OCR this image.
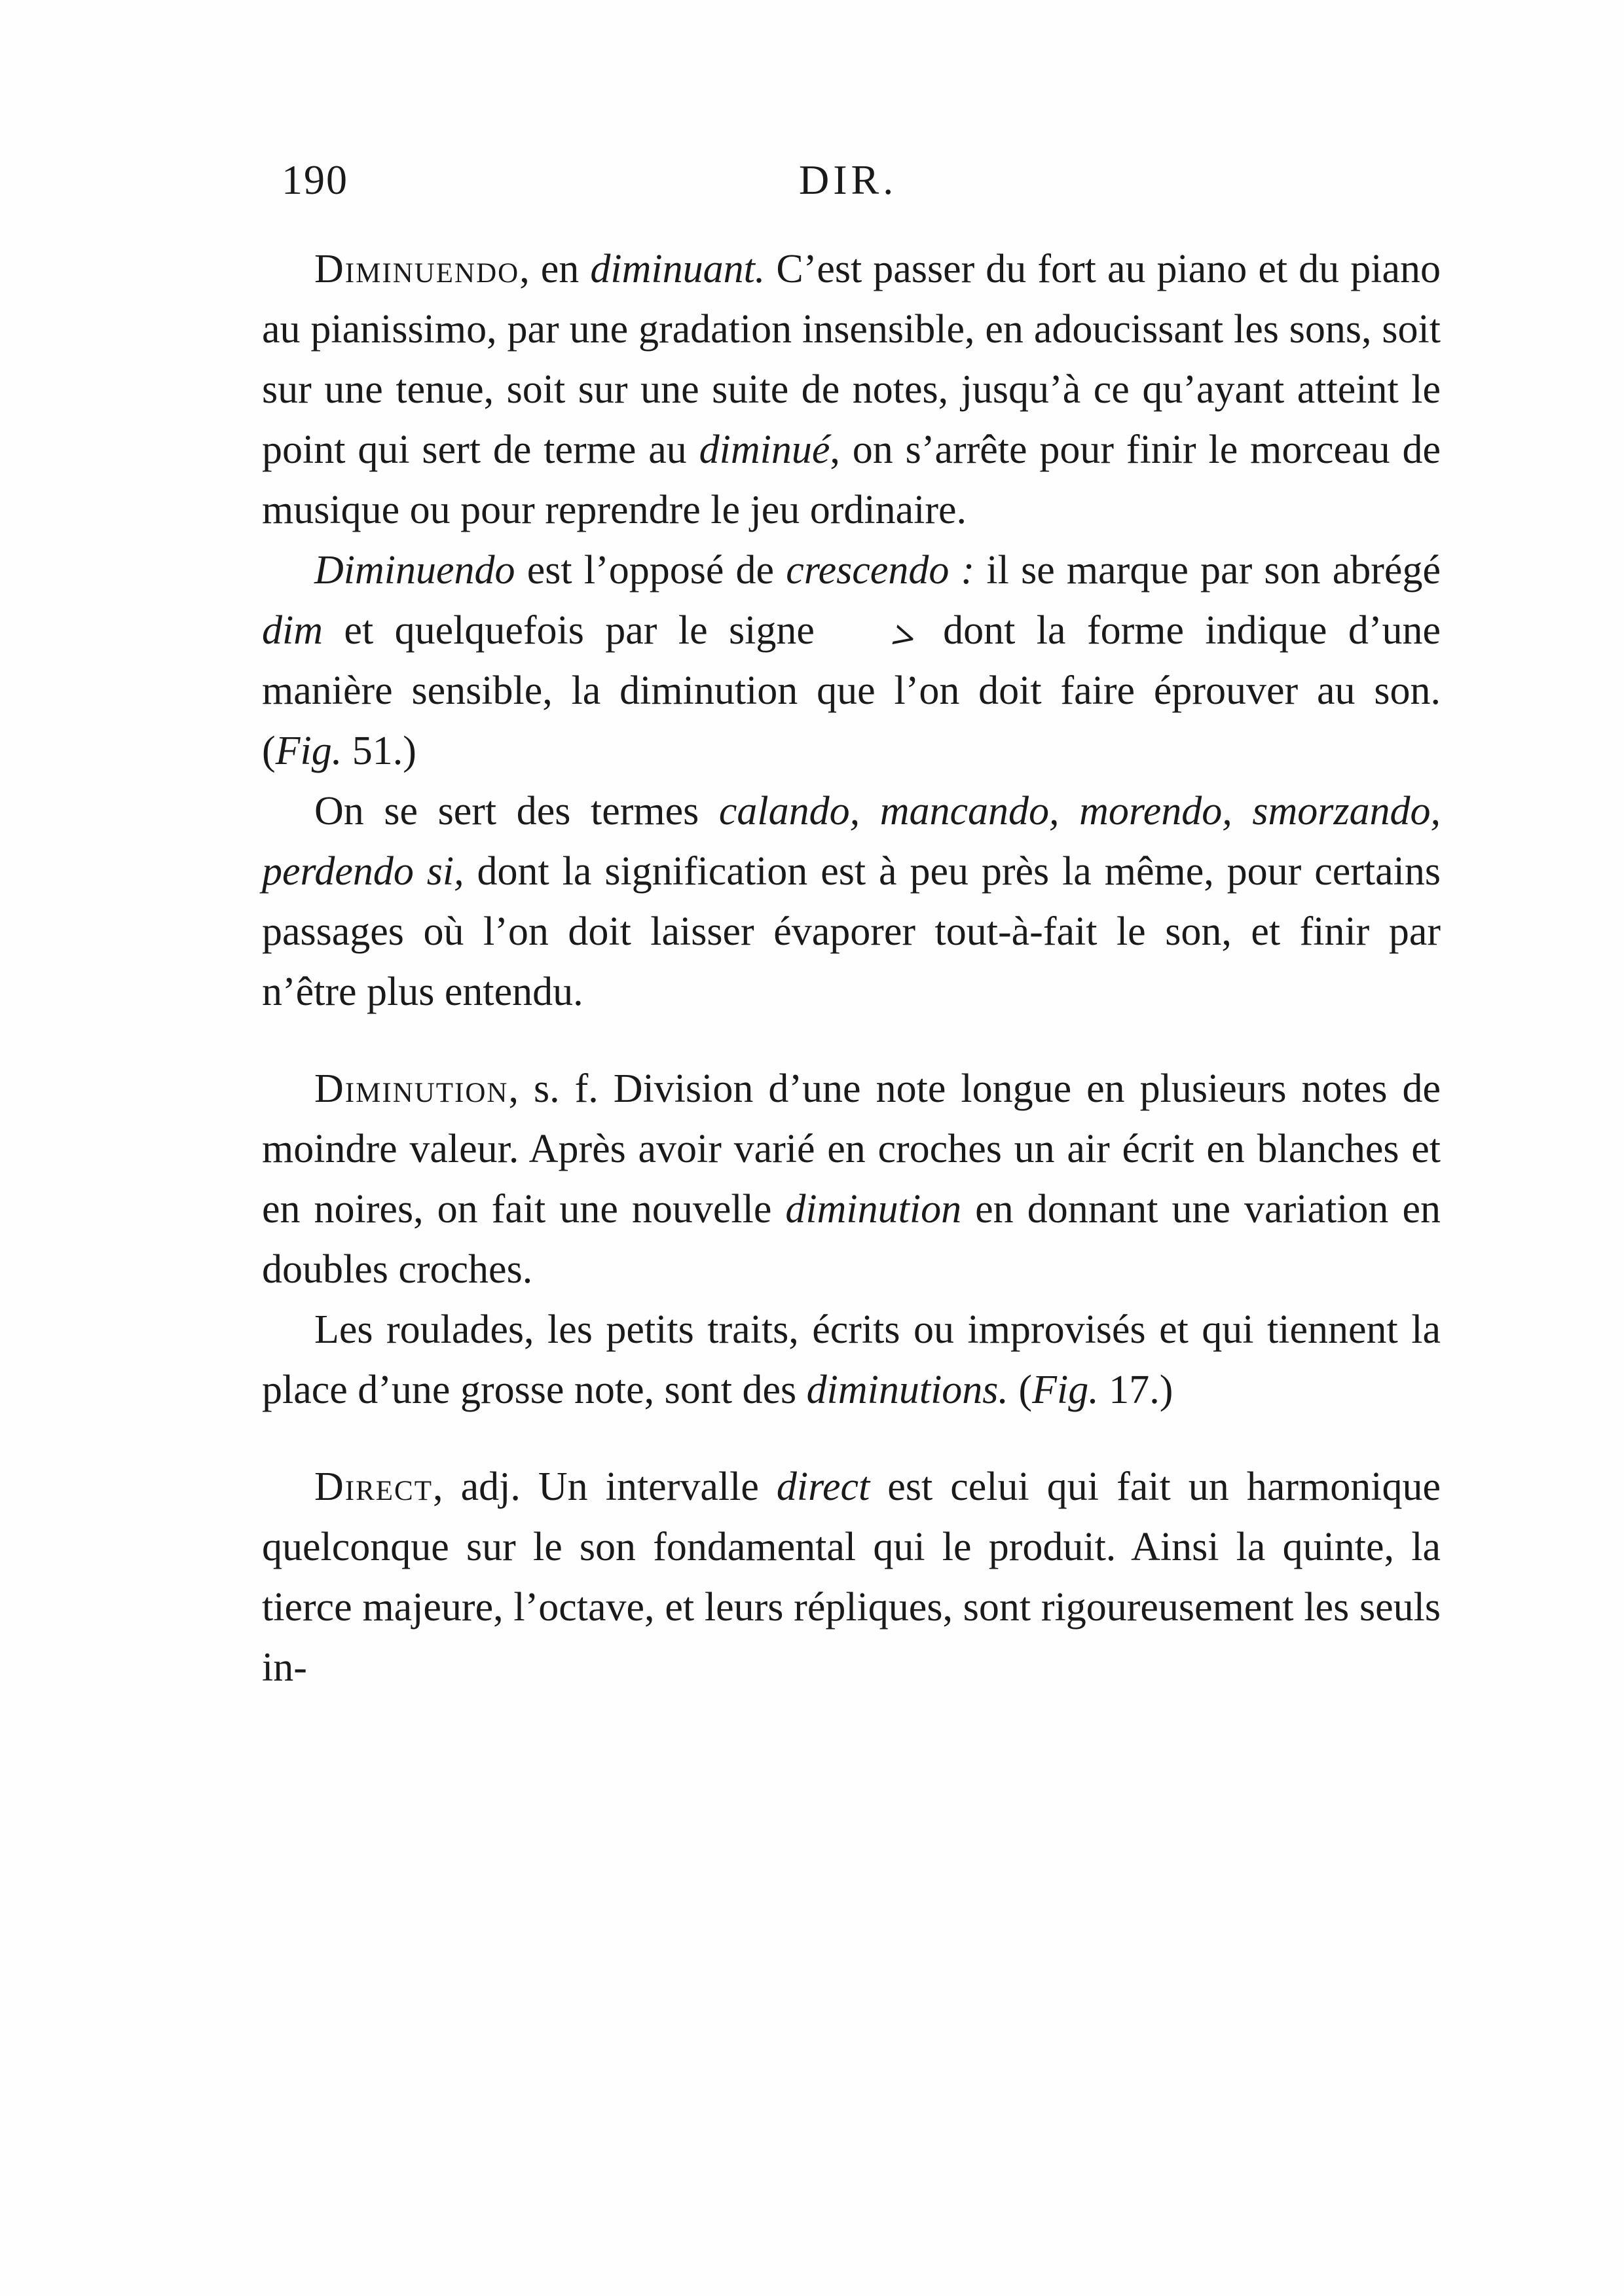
190	DIR.

Diminuendo, en diminuant. C’est passer du fort au piano et du piano au pianissimo, par une gradation insensible, en adoucissant les sons, soit sur une tenue, soit sur une suite de notes, jusqu’à ce qu’ayant atteint le point qui sert de terme au diminué, on s’arrête pour finir le morceau de musique ou pour reprendre le jeu ordinaire.

Diminuendo est l’opposé de crescendo : il se marque par son abrégé dim et quelquefois par le signe > dont la forme indique d’une manière sensible, la diminution que l’on doit faire éprouver au son. (Fig. 51.)

On se sert des termes calando, mancando, morendo, smorzando, perdendo si, dont la signification est à peu près la même, pour certains passages où l’on doit laisser évaporer tout-à-fait le son, et finir par n’être plus entendu.

Diminution, s. f. Division d’une note longue en plusieurs notes de moindre valeur. Après avoir varié en croches un air écrit en blanches et en noires, on fait une nouvelle diminution en donnant une variation en doubles croches.

Les roulades, les petits traits, écrits ou improvisés et qui tiennent la place d’une grosse note, sont des diminutions. (Fig. 17.)

Direct, adj. Un intervalle direct est celui qui fait un harmonique quelconque sur le son fondamental qui le produit. Ainsi la quinte, la tierce majeure, l’octave, et leurs répliques, sont rigoureusement les seuls in-
